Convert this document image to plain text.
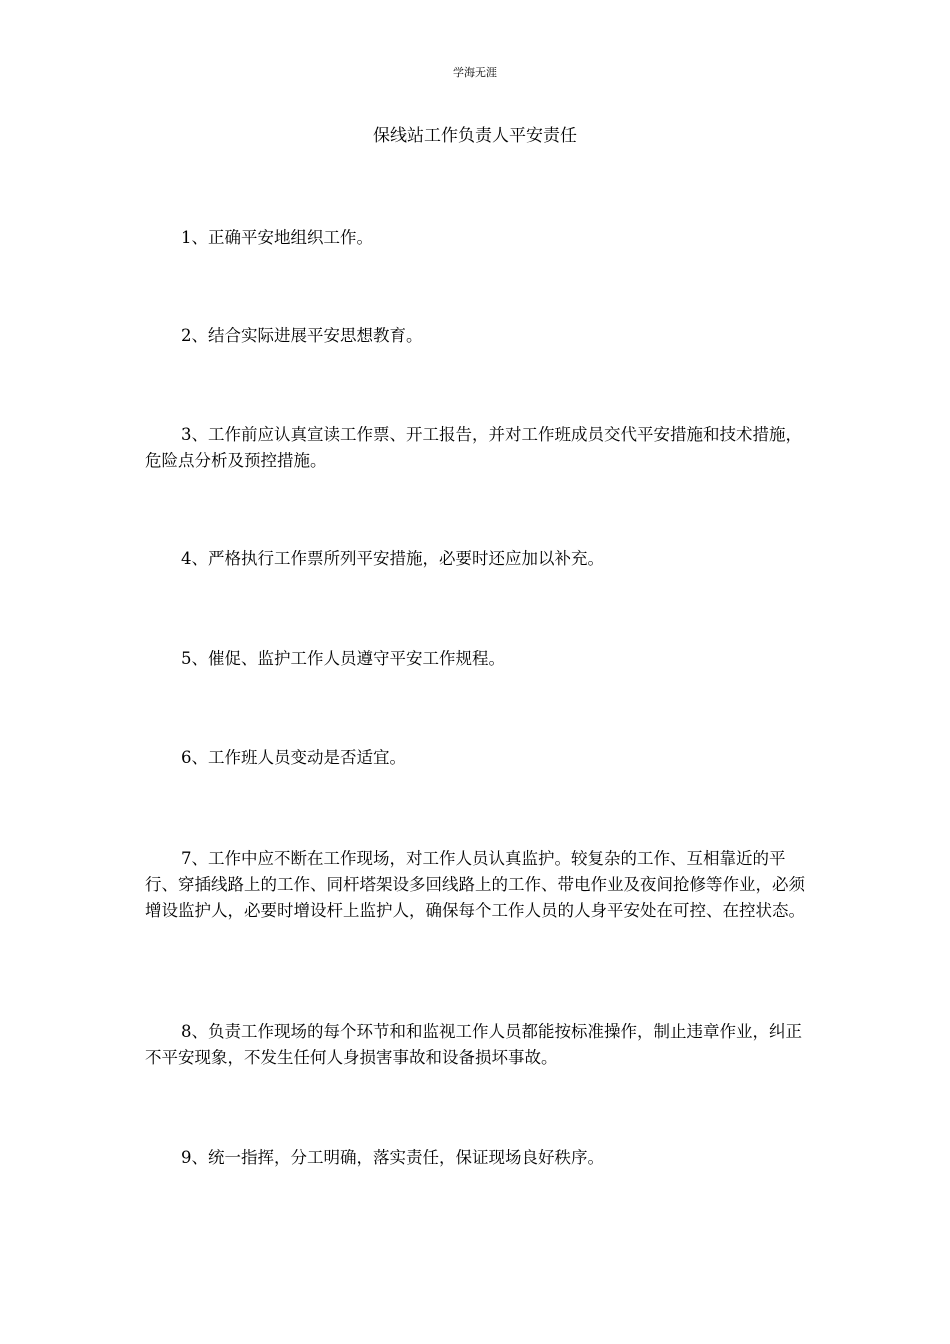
学海无涯
保线站工作负责人平安责任

1、正确平安地组织工作。

2、结合实际进展平安思想教育。

3、工作前应认真宣读工作票、开工报告，并对工作班成员交代平安措施和技术措施，危险点分析及预控措施。

4、严格执行工作票所列平安措施，必要时还应加以补充。

5、催促、监护工作人员遵守平安工作规程。

6、工作班人员变动是否适宜。

7、工作中应不断在工作现场，对工作人员认真监护。较复杂的工作、互相靠近的平行、穿插线路上的工作、同杆塔架设多回线路上的工作、带电作业及夜间抢修等作业，必须增设监护人，必要时增设杆上监护人，确保每个工作人员的人身平安处在可控、在控状态。

8、负责工作现场的每个环节和和监视工作人员都能按标准操作，制止违章作业，纠正不平安现象，不发生任何人身损害事故和设备损坏事故。

9、统一指挥，分工明确，落实责任，保证现场良好秩序。
